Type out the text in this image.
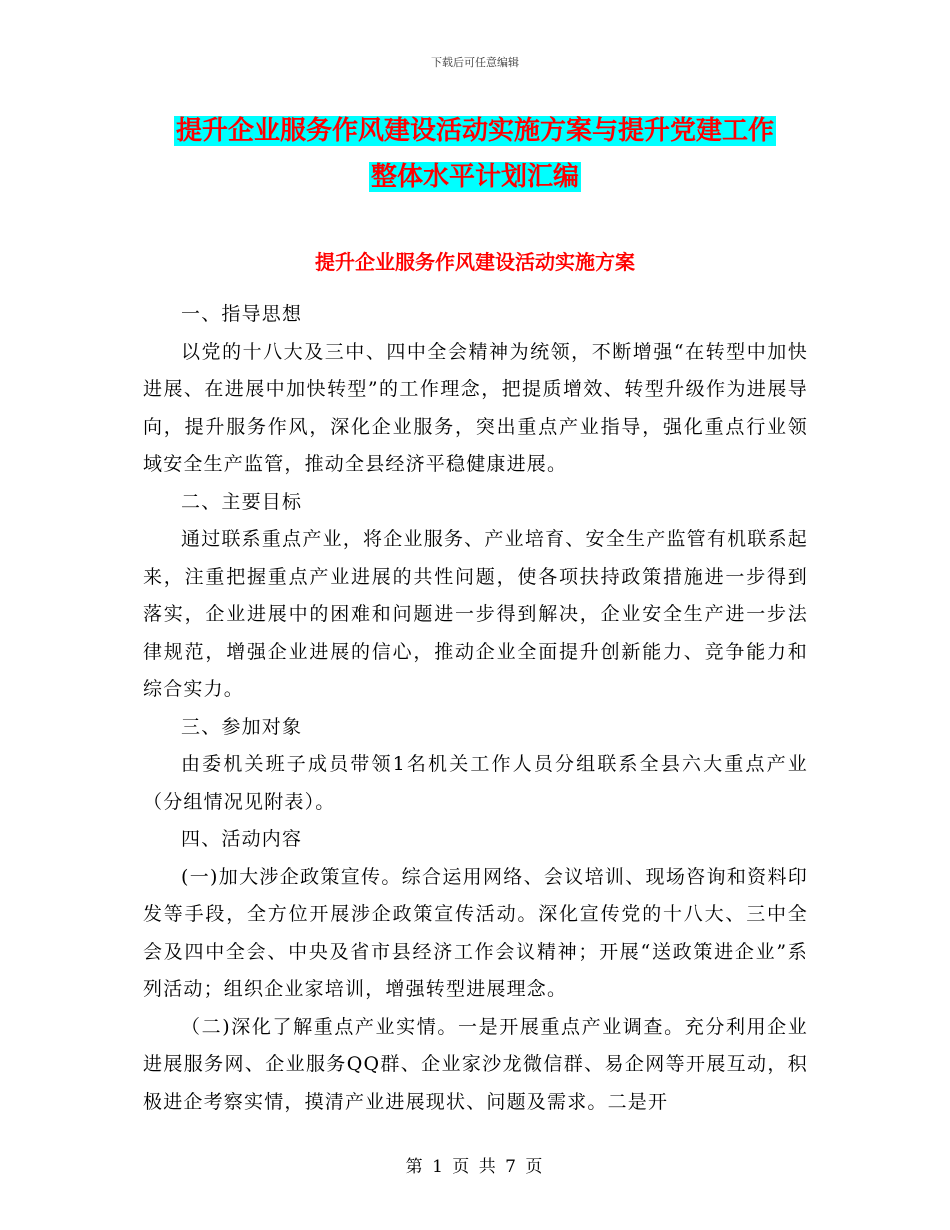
下载后可任意编辑
提升企业服务作风建设活动实施方案与提升党建工作
整体水平计划汇编
提升企业服务作风建设活动实施方案

一、指导思想

以党的十八大及三中、四中全会精神为统领，不断增强“在转型中加快进展、在进展中加快转型”的工作理念，把提质增效、转型升级作为进展导向，提升服务作风，深化企业服务，突出重点产业指导，强化重点行业领域安全生产监管，推动全县经济平稳健康进展。

二、主要目标

通过联系重点产业，将企业服务、产业培育、安全生产监管有机联系起来，注重把握重点产业进展的共性问题，使各项扶持政策措施进一步得到落实，企业进展中的困难和问题进一步得到解决，企业安全生产进一步法律规范，增强企业进展的信心，推动企业全面提升创新能力、竞争能力和综合实力。

三、参加对象

由委机关班子成员带领1名机关工作人员分组联系全县六大重点产业（分组情况见附表）。

四、活动内容

(一)加大涉企政策宣传。综合运用网络、会议培训、现场咨询和资料印发等手段，全方位开展涉企政策宣传活动。深化宣传党的十八大、三中全会及四中全会、中央及省市县经济工作会议精神；开展“送政策进企业”系列活动；组织企业家培训，增强转型进展理念。

（二)深化了解重点产业实情。一是开展重点产业调查。充分利用企业进展服务网、企业服务QQ群、企业家沙龙微信群、易企网等开展互动，积极进企考察实情，摸清产业进展现状、问题及需求。二是开

第 1 页 共 7 页
